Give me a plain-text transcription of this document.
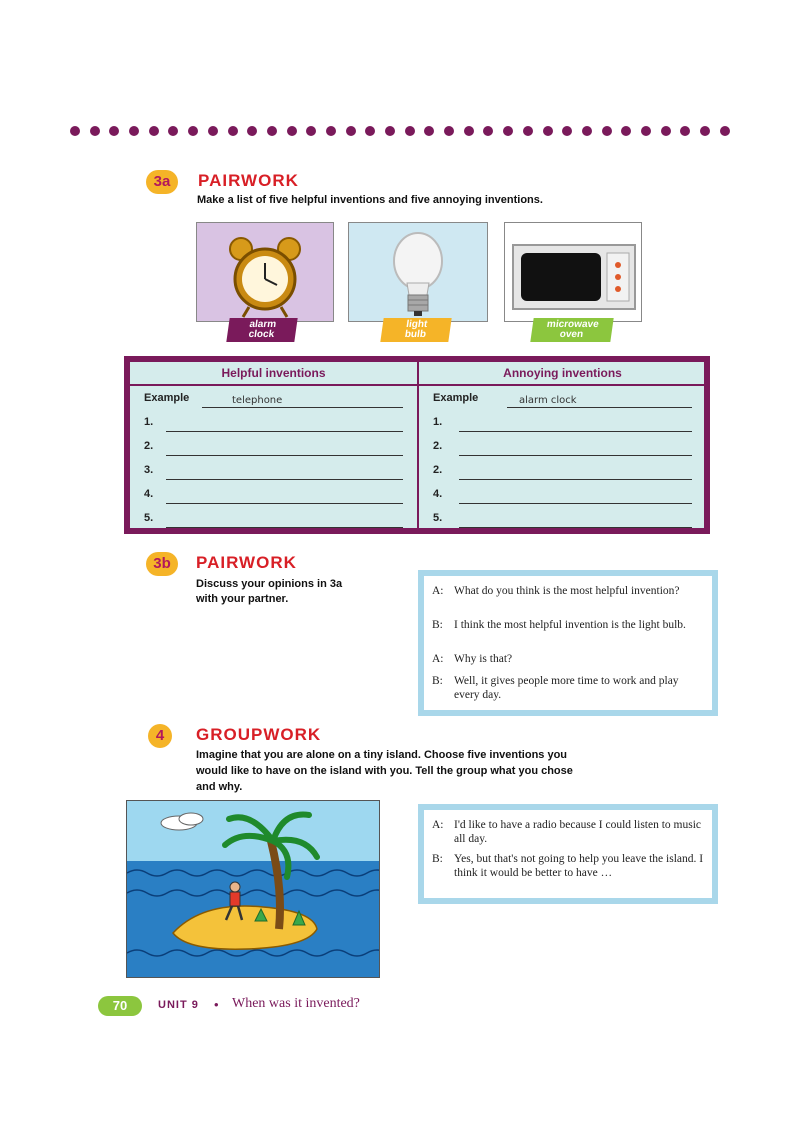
3a	PAIRWORK
Make a list of five helpful inventions and five annoying inventions.
alarm
clock
light
bulb
microwave
oven
Helpful inventions
Example	telephone
1.
2.
3.
4.
5.
Annoying inventions
Example	alarm clock
1.
2.
2.
4.
5.
3b	PAIRWORK
Discuss your opinions in 3a
with your partner.
A: What do you think is the most helpful invention?
B: I think the most helpful invention is the light bulb.
A: Why is that?
B: Well, it gives people more time to work and play every day.
4	GROUPWORK
Imagine that you are alone on a tiny island. Choose five inventions you
would like to have on the island with you. Tell the group what you chose
and why.
A: I'd like to have a radio because I could listen to music all day.
B: Yes, but that's not going to help you leave the island. I think it would be better to have …
70	UNIT 9 • When was it invented?
